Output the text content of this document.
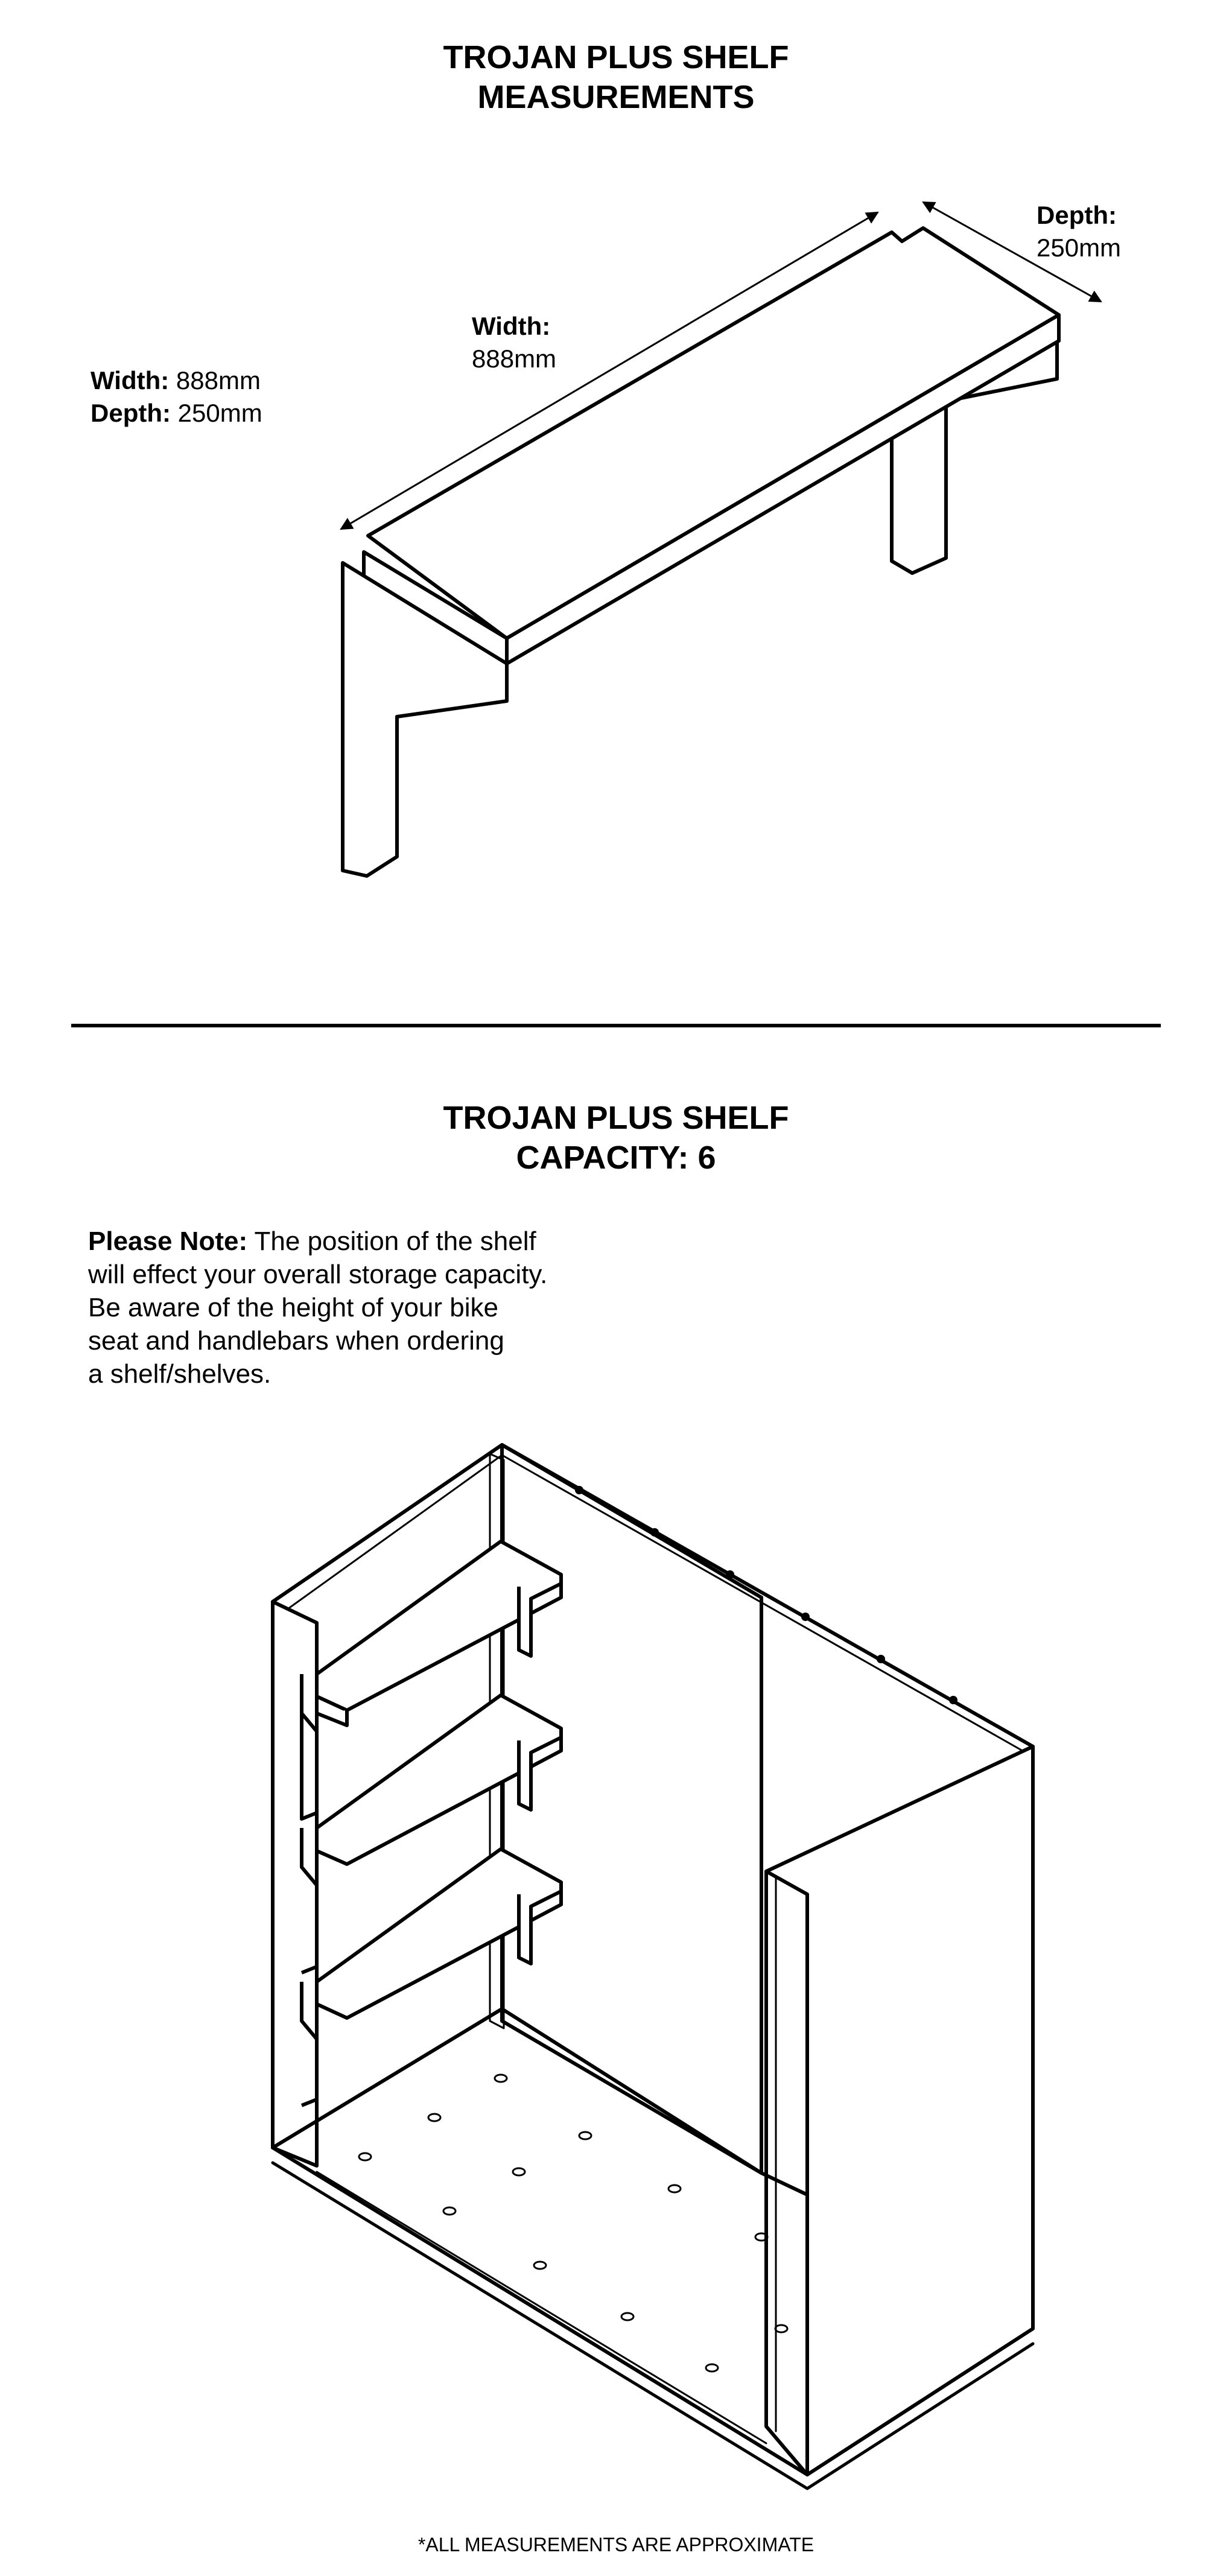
TROJAN PLUS SHELF
MEASUREMENTS
Width: 888mm
Depth: 250mm
Width:
888mm
Depth:
250mm
TROJAN PLUS SHELF
CAPACITY: 6
Please Note: The position of the shelf
will effect your overall storage capacity.
Be aware of the height of your bike
seat and handlebars when ordering
a shelf/shelves.
*ALL MEASUREMENTS ARE APPROXIMATE
